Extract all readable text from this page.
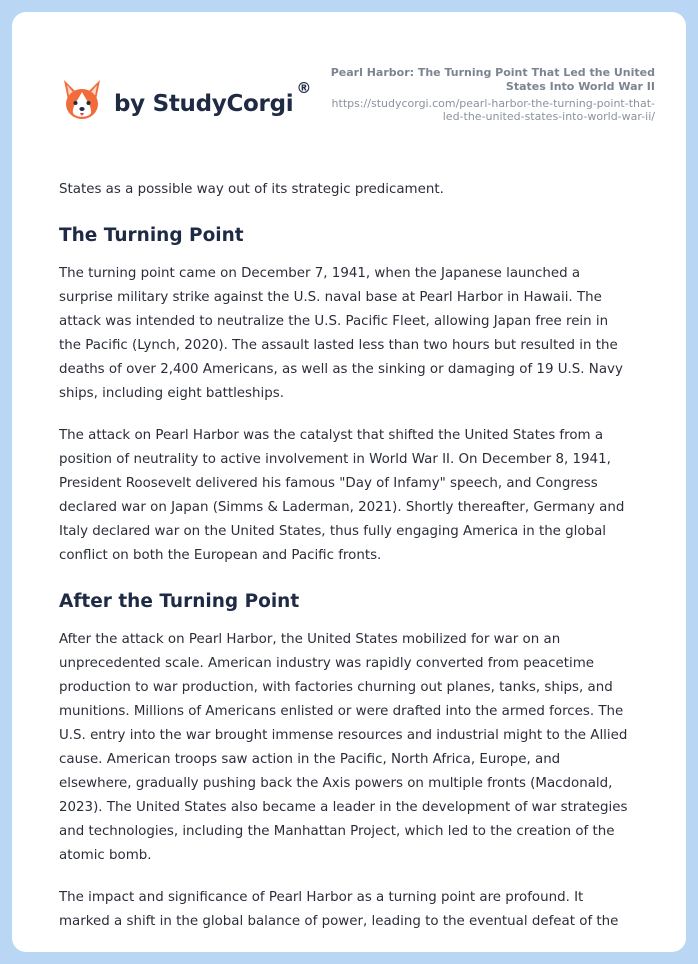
by StudyCorgi
®
Pearl Harbor: The Turning Point That Led the United
States Into World War II
https://studycorgi.com/pearl-harbor-the-turning-point-that-
led-the-united-states-into-world-war-ii/

States as a possible way out of its strategic predicament.

The Turning Point

The turning point came on December 7, 1941, when the Japanese launched a
surprise military strike against the U.S. naval base at Pearl Harbor in Hawaii. The
attack was intended to neutralize the U.S. Pacific Fleet, allowing Japan free rein in
the Pacific (Lynch, 2020). The assault lasted less than two hours but resulted in the
deaths of over 2,400 Americans, as well as the sinking or damaging of 19 U.S. Navy
ships, including eight battleships.

The attack on Pearl Harbor was the catalyst that shifted the United States from a
position of neutrality to active involvement in World War II. On December 8, 1941,
President Roosevelt delivered his famous "Day of Infamy" speech, and Congress
declared war on Japan (Simms & Laderman, 2021). Shortly thereafter, Germany and
Italy declared war on the United States, thus fully engaging America in the global
conflict on both the European and Pacific fronts.

After the Turning Point

After the attack on Pearl Harbor, the United States mobilized for war on an
unprecedented scale. American industry was rapidly converted from peacetime
production to war production, with factories churning out planes, tanks, ships, and
munitions. Millions of Americans enlisted or were drafted into the armed forces. The
U.S. entry into the war brought immense resources and industrial might to the Allied
cause. American troops saw action in the Pacific, North Africa, Europe, and
elsewhere, gradually pushing back the Axis powers on multiple fronts (Macdonald,
2023). The United States also became a leader in the development of war strategies
and technologies, including the Manhattan Project, which led to the creation of the
atomic bomb.

The impact and significance of Pearl Harbor as a turning point are profound. It
marked a shift in the global balance of power, leading to the eventual defeat of the
